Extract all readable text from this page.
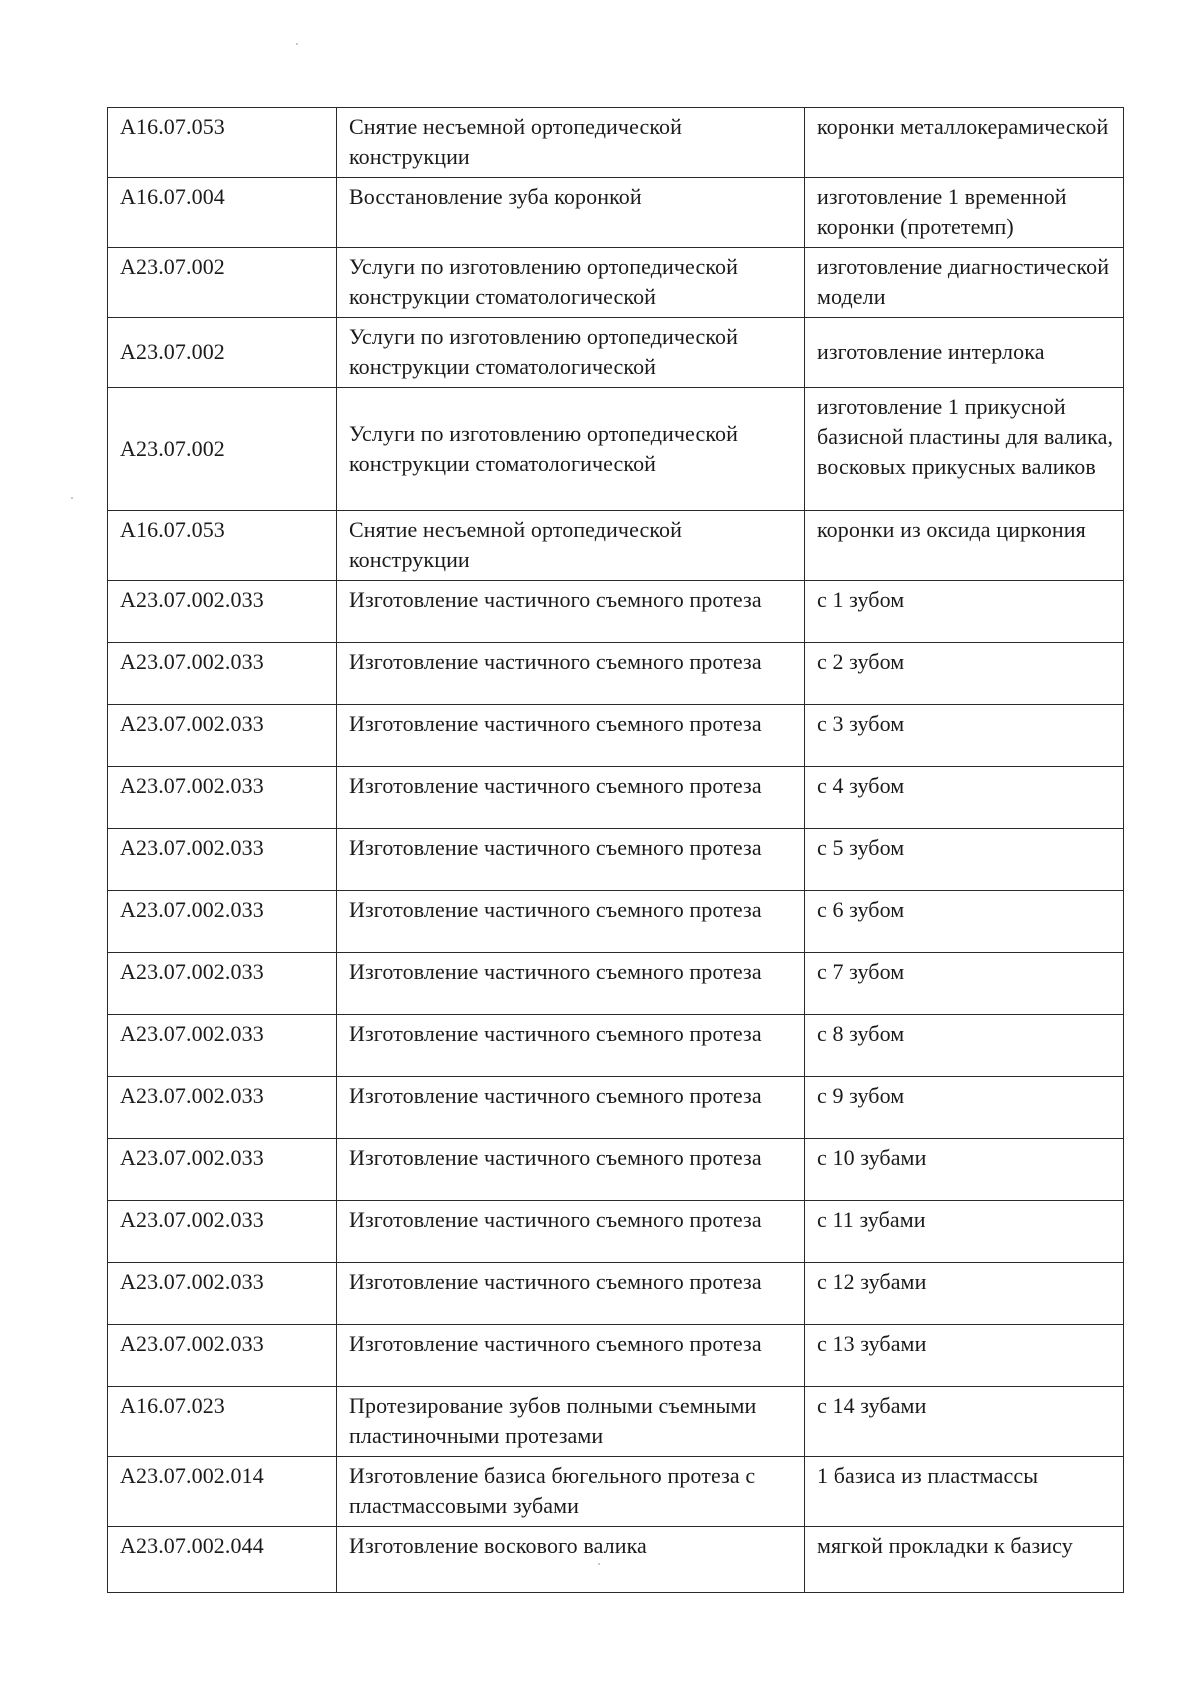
A16.07.053	Снятие несъемной ортопедической конструкции	коронки металлокерамической
A16.07.004	Восстановление зуба коронкой	изготовление 1 временной коронки (протетемп)
A23.07.002	Услуги по изготовлению ортопедической конструкции стоматологической	изготовление диагностической модели
A23.07.002	Услуги по изготовлению ортопедической конструкции стоматологической	изготовление интерлока
A23.07.002	Услуги по изготовлению ортопедической конструкции стоматологической	изготовление 1 прикусной базисной пластины для валика, восковых прикусных валиков
A16.07.053	Снятие несъемной ортопедической конструкции	коронки из оксида циркония
A23.07.002.033	Изготовление частичного съемного протеза	с 1 зубом
A23.07.002.033	Изготовление частичного съемного протеза	с 2 зубом
A23.07.002.033	Изготовление частичного съемного протеза	с 3 зубом
A23.07.002.033	Изготовление частичного съемного протеза	с 4 зубом
A23.07.002.033	Изготовление частичного съемного протеза	с 5 зубом
A23.07.002.033	Изготовление частичного съемного протеза	с 6 зубом
A23.07.002.033	Изготовление частичного съемного протеза	с 7 зубом
A23.07.002.033	Изготовление частичного съемного протеза	с 8 зубом
A23.07.002.033	Изготовление частичного съемного протеза	с 9 зубом
A23.07.002.033	Изготовление частичного съемного протеза	с 10 зубами
A23.07.002.033	Изготовление частичного съемного протеза	с 11 зубами
A23.07.002.033	Изготовление частичного съемного протеза	с 12 зубами
A23.07.002.033	Изготовление частичного съемного протеза	с 13 зубами
A16.07.023	Протезирование зубов полными съемными пластиночными протезами	с 14 зубами
A23.07.002.014	Изготовление базиса бюгельного протеза с пластмассовыми зубами	1 базиса из пластмассы
A23.07.002.044	Изготовление воскового валика	мягкой прокладки к базису
